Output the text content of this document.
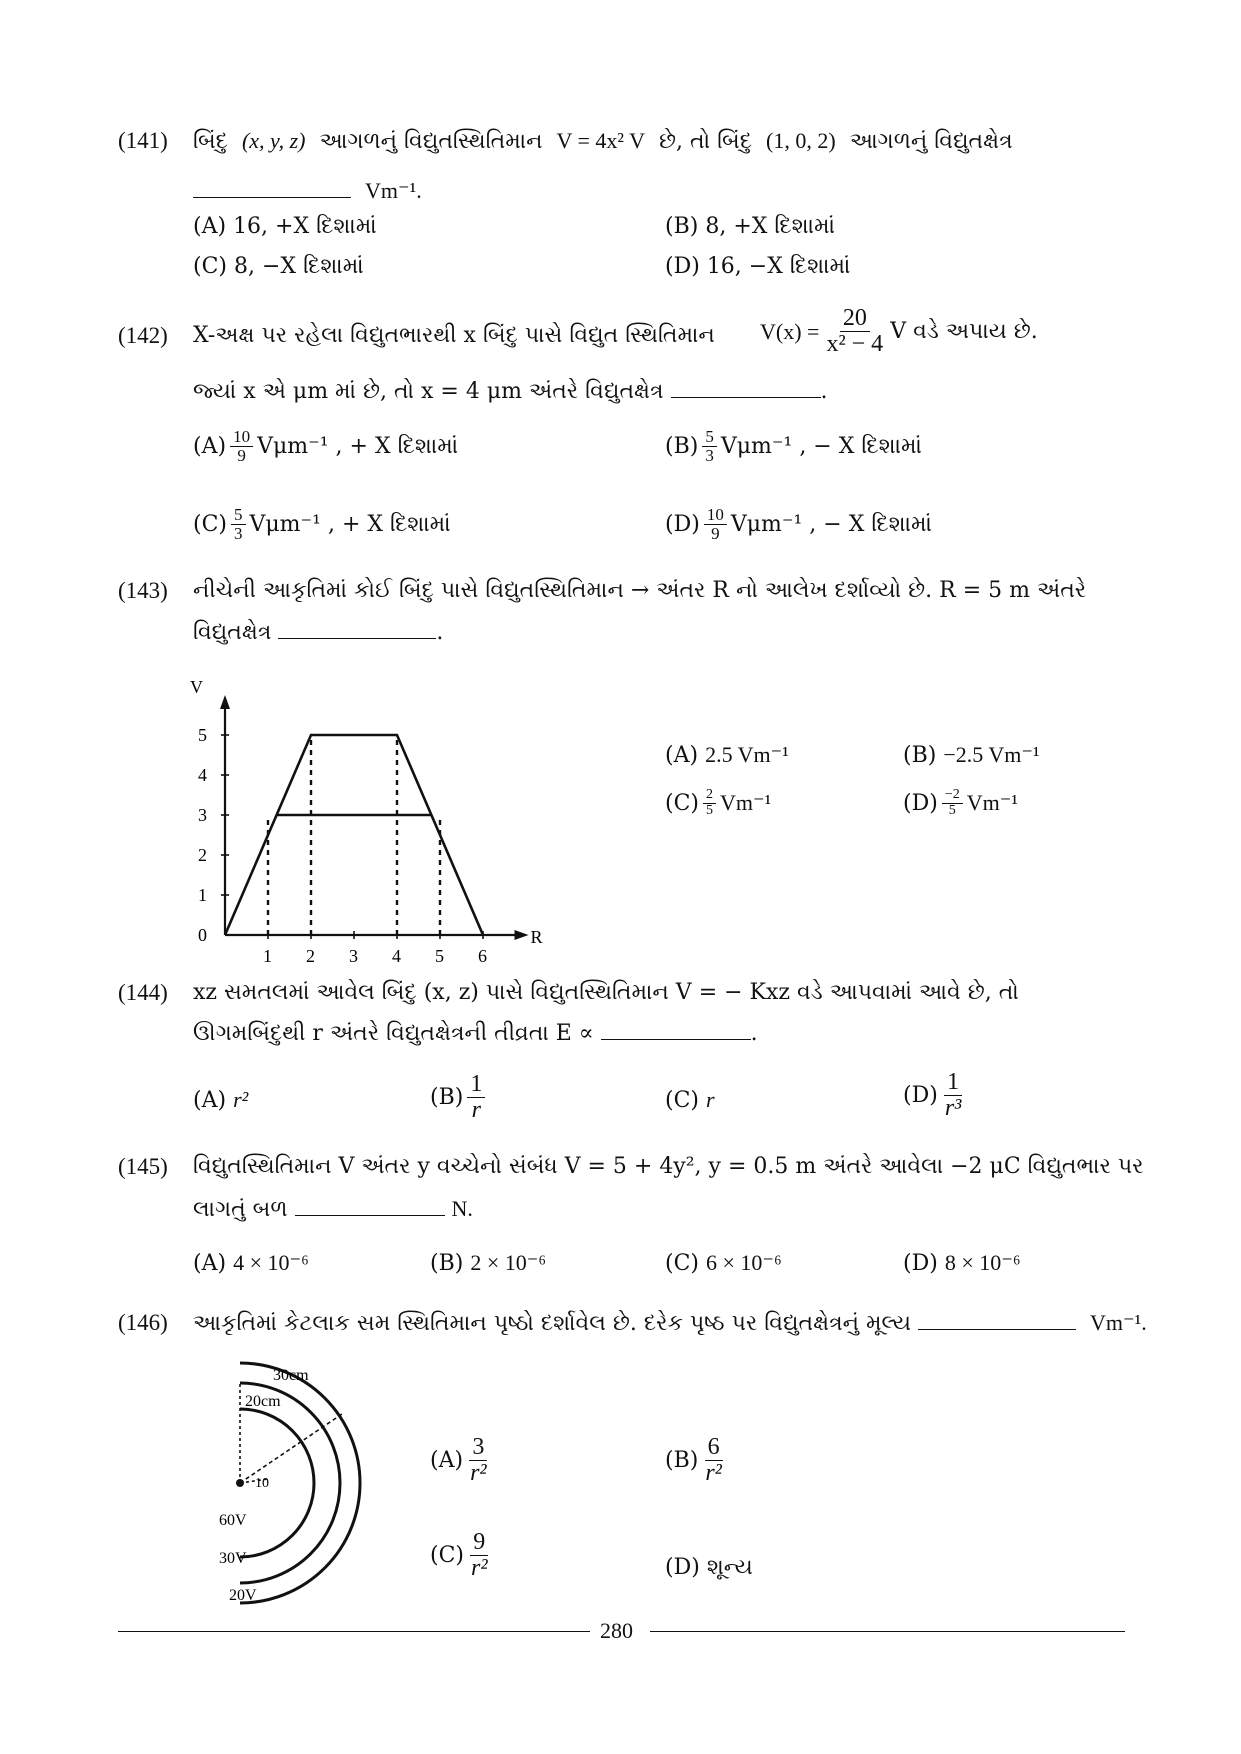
(141) બિંદુ (x, y, z) આગળનું વિદ્યુતસ્થિતિમાન V = 4x² V છે, તો બિંદુ (1, 0, 2) આગળનું વિદ્યુતક્ષેત્ર
Vm⁻¹.
(A) 16, +X દિશામાં	(B) 8, +X દિશામાં
(C) 8, −X દિશામાં	(D) 16, −X દિશામાં
(142) X-અક્ષ પર રહેલા વિદ્યુતભારથી x બિંદુ પાસે વિદ્યુત સ્થિતિમાન $V(x) = \frac{20}{\text{x² − 4}}$ V વડે અપાય છે.
જ્યાં x એ μm માં છે, તો x = 4 μm અંતરે વિદ્યુતક્ષેત્ર	.
$(A) \frac{10}{9} V\mu m^{-1}$ , + X દિશામાં	$(B) \frac{5}{3} V\mu m^{-1}$ , − X દિશામાં
$(C) \frac{5}{3} V\mu m^{-1}$ , + X દિશામાં	$(D) \frac{10}{9} V\mu m^{-1}$ , − X દિશામાં
(143) નીચેની આકૃતિમાં કોઈ બિંદુ પાસે વિદ્યુતસ્થિતિમાન → અંતર R નો આલેખ દર્શાવ્યો છે. R = 5 m અંતરે
વિદ્યુતક્ષેત્ર	.
R
V
1 2 3 4 5 6
0
1
2
3
4
5
(A) 2.5 Vm⁻¹	(B) −2.5 Vm⁻¹
$(C) \frac{2}{5} Vm^{-1}$	$(D) \frac{-2}{5} Vm^{-1}$
(144) xz સમતલમાં આવેલ બિંદુ (x, z) પાસે વિદ્યુતસ્થિતિમાન V = − Kxz વડે આપવામાં આવે છે, તો
ઊગમબિંદુથી r અંતરે વિદ્યુતક્ષેત્રની તીવ્રતા E ∝	.
(A) r²	$(B) \frac{1}{r}$	(C) r	$(D) \frac{1}{\text{r³}}$
(145) વિદ્યુતસ્થિતિમાન V અંતર y વચ્ચેનો સંબંધ V = 5 + 4y², y = 0.5 m અંતરે આવેલા −2 μC વિદ્યુતભાર પર
લાગતું બળ	N.
(A) 4 × 10⁻⁶	(B) 2 × 10⁻⁶	(C) 6 × 10⁻⁶	(D) 8 × 10⁻⁶
(146) આકૃતિમાં કેટલાક સમ સ્થિતિમાન પૃષ્ઠો દર્શાવેલ છે. દરેક પૃષ્ઠ પર વિદ્યુતક્ષેત્રનું મૂલ્ય	Vm⁻¹.
30cm
20cm
10
60V
30V
20V
$(A) \frac{3}{\text{r²}}$	$(B) \frac{6}{\text{r²}}$
$(C) \frac{9}{\text{r²}}$	(D) શૂન્ય
280
